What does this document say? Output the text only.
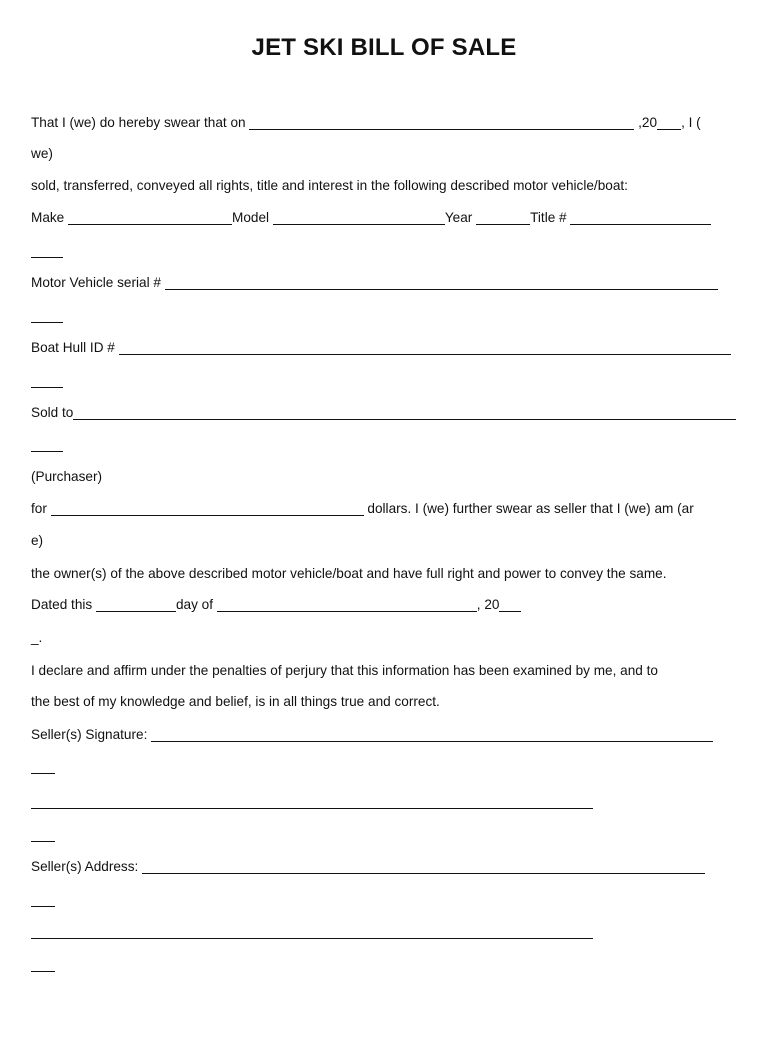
JET SKI BILL OF SALE
That I (we) do hereby swear that on	,20 , I (
we)
sold, transferred, conveyed all rights, title and interest in the following described motor vehicle/boat:
Make	Model	Year	Title #
Motor Vehicle serial #
Boat Hull ID #
Sold to
(Purchaser)
for	dollars. I (we) further swear as seller that I (we) am (ar
e)
the owner(s) of the above described motor vehicle/boat and have full right and power to convey the same.
Dated this	day of	, 20
_.
I declare and affirm under the penalties of perjury that this information has been examined by me, and to
the best of my knowledge and belief, is in all things true and correct.
Seller(s) Signature:
Seller(s) Address:
